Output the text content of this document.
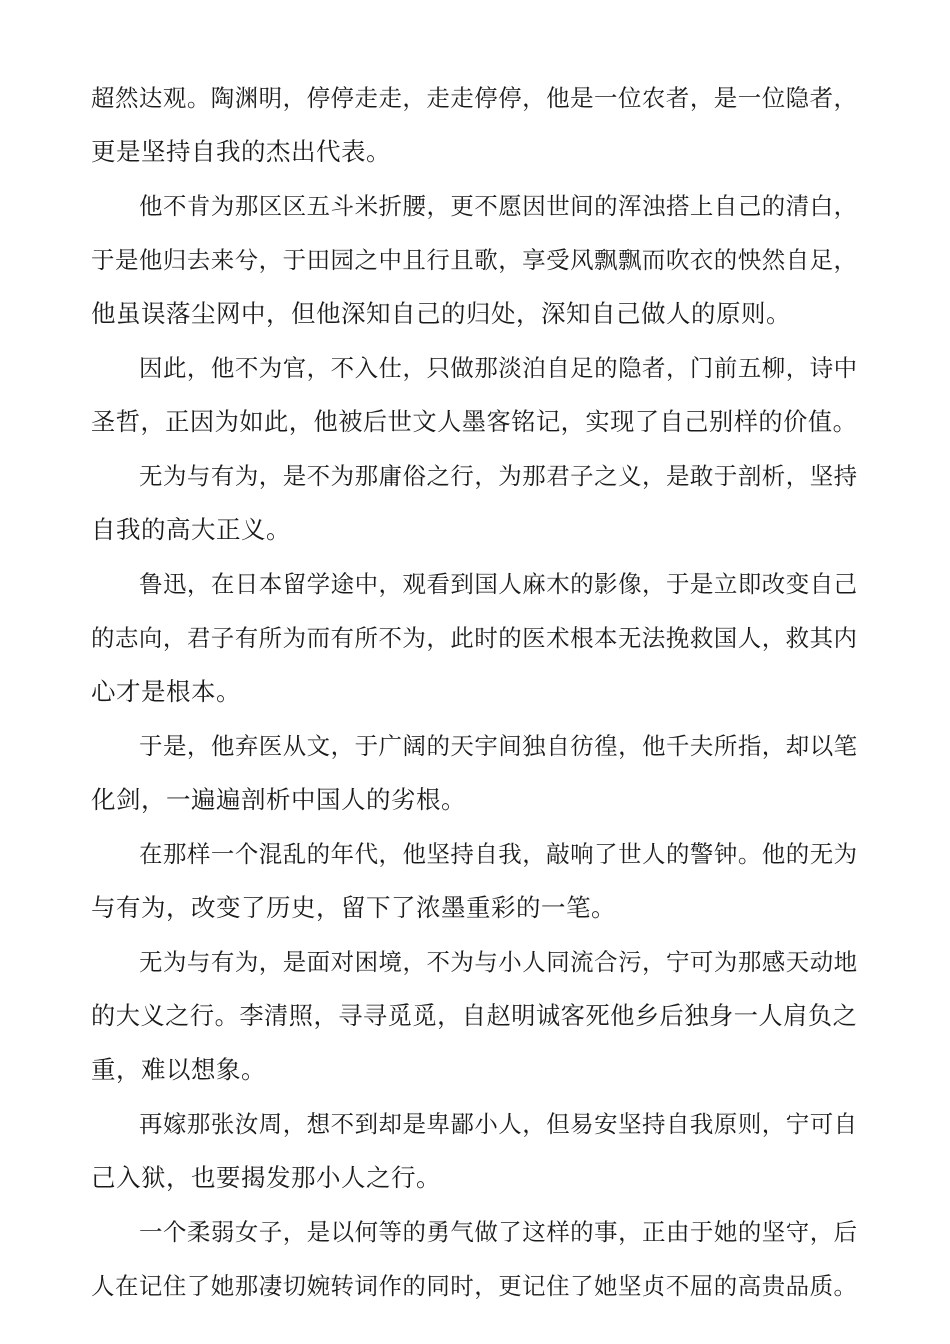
超然达观。陶渊明，停停走走，走走停停，他是一位农者，是一位隐者，
更是坚持自我的杰出代表。
他不肯为那区区五斗米折腰，更不愿因世间的浑浊搭上自己的清白，
于是他归去来兮，于田园之中且行且歌，享受风飘飘而吹衣的怏然自足，
他虽误落尘网中，但他深知自己的归处，深知自己做人的原则。
因此，他不为官，不入仕，只做那淡泊自足的隐者，门前五柳，诗中
圣哲，正因为如此，他被后世文人墨客铭记，实现了自己别样的价值。
无为与有为，是不为那庸俗之行，为那君子之义，是敢于剖析，坚持
自我的高大正义。
鲁迅，在日本留学途中，观看到国人麻木的影像，于是立即改变自己
的志向，君子有所为而有所不为，此时的医术根本无法挽救国人，救其内
心才是根本。
于是，他弃医从文，于广阔的天宇间独自彷徨，他千夫所指，却以笔
化剑，一遍遍剖析中国人的劣根。
在那样一个混乱的年代，他坚持自我，敲响了世人的警钟。他的无为
与有为，改变了历史，留下了浓墨重彩的一笔。
无为与有为，是面对困境，不为与小人同流合污，宁可为那感天动地
的大义之行。李清照，寻寻觅觅，自赵明诚客死他乡后独身一人肩负之
重，难以想象。
再嫁那张汝周，想不到却是卑鄙小人，但易安坚持自我原则，宁可自
己入狱，也要揭发那小人之行。
一个柔弱女子，是以何等的勇气做了这样的事，正由于她的坚守，后
人在记住了她那凄切婉转词作的同时，更记住了她坚贞不屈的高贵品质。
